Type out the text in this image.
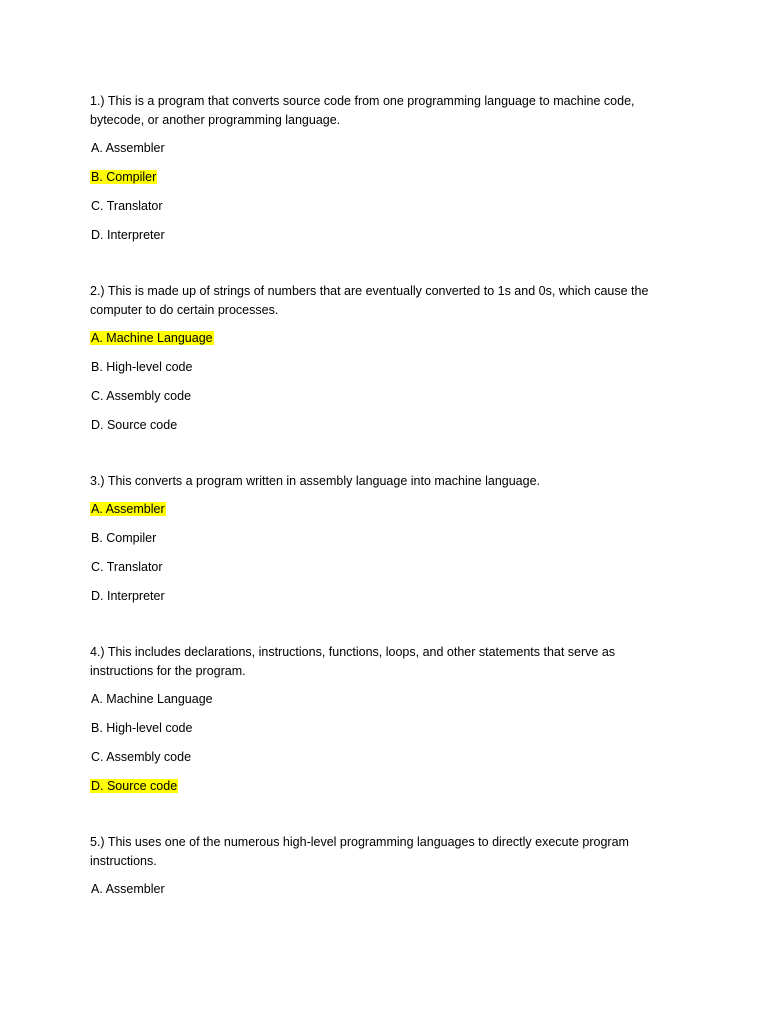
1.) This is a program that converts source code from one programming language to machine code, bytecode, or another programming language.

A. Assembler
B. Compiler
C. Translator
D. Interpreter

2.) This is made up of strings of numbers that are eventually converted to 1s and 0s, which cause the computer to do certain processes.

A. Machine Language
B. High-level code
C. Assembly code
D. Source code

3.) This converts a program written in assembly language into machine language.

A. Assembler
B. Compiler
C. Translator
D. Interpreter

4.) This includes declarations, instructions, functions, loops, and other statements that serve as instructions for the program.

A. Machine Language
B. High-level code
C. Assembly code
D. Source code

5.) This uses one of the numerous high-level programming languages to directly execute program instructions.

A. Assembler
